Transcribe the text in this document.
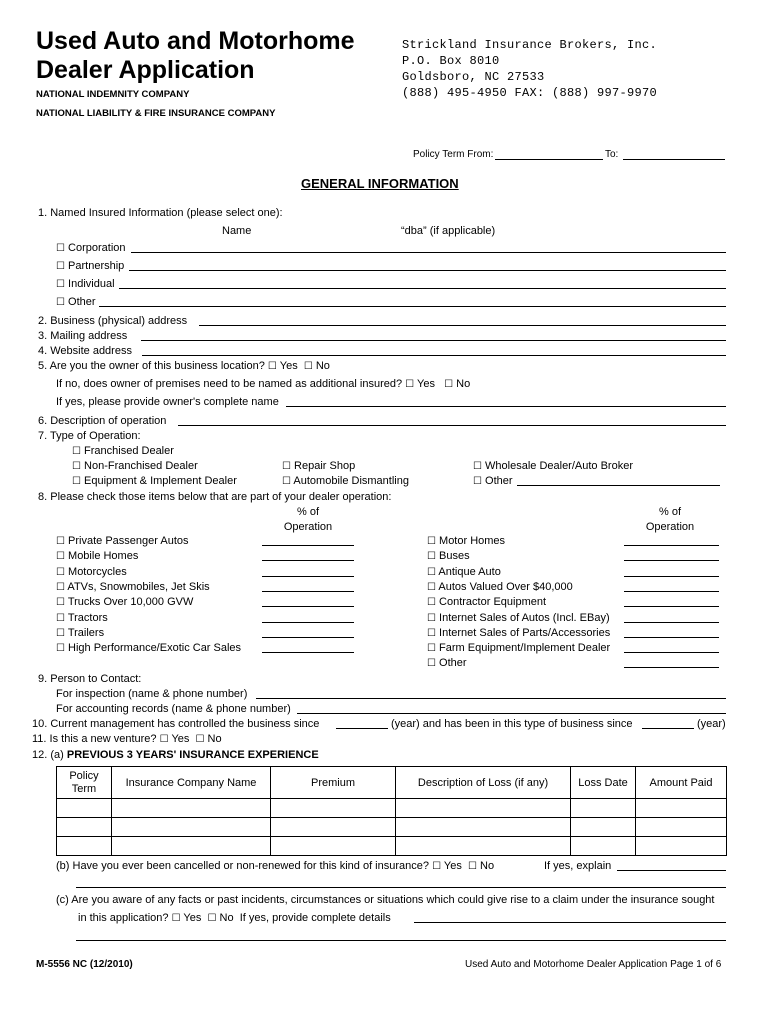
Used Auto and Motorhome
Dealer Application
NATIONAL INDEMNITY COMPANY
NATIONAL LIABILITY & FIRE INSURANCE COMPANY
Strickland Insurance Brokers, Inc.
P.O. Box 8010
Goldsboro, NC 27533
(888) 495-4950 FAX: (888) 997-9970
Policy Term From:	To:
GENERAL INFORMATION
1. Named Insured Information (please select one):
Name	“dba” (if applicable)
☐ Corporation
☐ Partnership
☐ Individual
☐ Other
2. Business (physical) address
3. Mailing address
4. Website address
5. Are you the owner of this business location? ☐ Yes ☐ No
If no, does owner of premises need to be named as additional insured? ☐ Yes ☐ No
If yes, please provide owner's complete name
6. Description of operation
7. Type of Operation:
☐ Franchised Dealer
☐ Non-Franchised Dealer	☐ Repair Shop	☐ Wholesale Dealer/Auto Broker
☐ Equipment & Implement Dealer	☐ Automobile Dismantling	☐ Other
8. Please check those items below that are part of your dealer operation:
% of
Operation
% of
Operation
☐ Private Passenger Autos
☐ Mobile Homes
☐ Motorcycles
☐ ATVs, Snowmobiles, Jet Skis
☐ Trucks Over 10,000 GVW
☐ Tractors
☐ Trailers
☐ High Performance/Exotic Car Sales
☐ Motor Homes
☐ Buses
☐ Antique Auto
☐ Autos Valued Over $40,000
☐ Contractor Equipment
☐ Internet Sales of Autos (Incl. EBay)
☐ Internet Sales of Parts/Accessories
☐ Farm Equipment/Implement Dealer
☐ Other
9. Person to Contact:
For inspection (name & phone number)
For accounting records (name & phone number)
10. Current management has controlled the business since	(year) and has been in this type of business since	(year)
11. Is this a new venture? ☐ Yes ☐ No
12. (a) PREVIOUS 3 YEARS' INSURANCE EXPERIENCE
Policy Term	Insurance Company Name	Premium	Description of Loss (if any)	Loss Date	Amount Paid

(b) Have you ever been cancelled or non-renewed for this kind of insurance? ☐ Yes ☐ No	If yes, explain
(c) Are you aware of any facts or past incidents, circumstances or situations which could give rise to a claim under the insurance sought
in this application? ☐ Yes ☐ No If yes, provide complete details
M-5556 NC (12/2010)	Used Auto and Motorhome Dealer Application Page 1 of 6
